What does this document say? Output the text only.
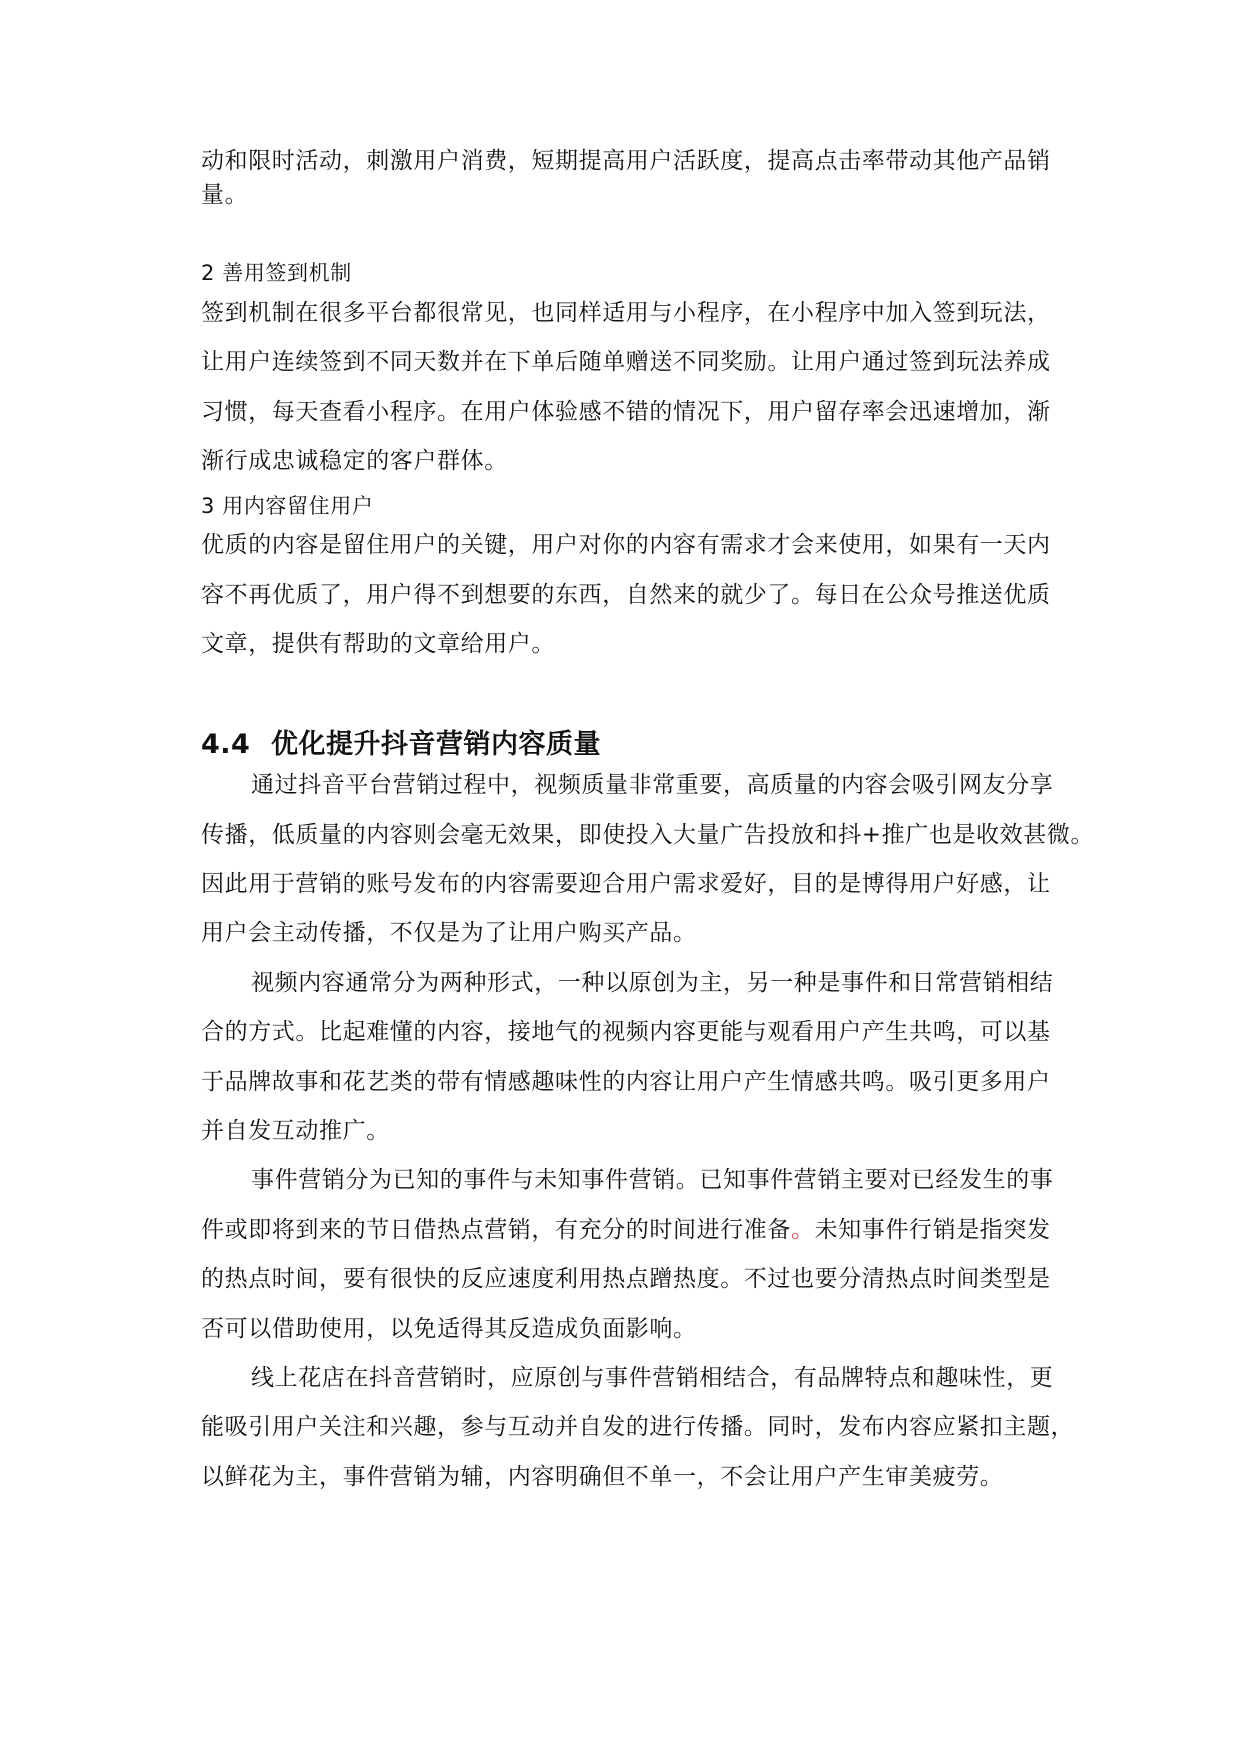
动和限时活动，刺激用户消费，短期提高用户活跃度，提高点击率带动其他产品销
量。
2 善用签到机制
签到机制在很多平台都很常见，也同样适用与小程序，在小程序中加入签到玩法，
让用户连续签到不同天数并在下单后随单赠送不同奖励。让用户通过签到玩法养成
习惯，每天查看小程序。在用户体验感不错的情况下，用户留存率会迅速增加，渐
渐行成忠诚稳定的客户群体。
3 用内容留住用户
优质的内容是留住用户的关键，用户对你的内容有需求才会来使用，如果有一天内
容不再优质了，用户得不到想要的东西，自然来的就少了。每日在公众号推送优质
文章，提供有帮助的文章给用户。
4.4 优化提升抖音营销内容质量
通过抖音平台营销过程中，视频质量非常重要，高质量的内容会吸引网友分享
传播，低质量的内容则会毫无效果，即使投入大量广告投放和抖+推广也是收效甚微。
因此用于营销的账号发布的内容需要迎合用户需求爱好，目的是博得用户好感，让
用户会主动传播，不仅是为了让用户购买产品。
视频内容通常分为两种形式，一种以原创为主，另一种是事件和日常营销相结
合的方式。比起难懂的内容，接地气的视频内容更能与观看用户产生共鸣，可以基
于品牌故事和花艺类的带有情感趣味性的内容让用户产生情感共鸣。吸引更多用户
并自发互动推广。
事件营销分为已知的事件与未知事件营销。已知事件营销主要对已经发生的事
件或即将到来的节日借热点营销，有充分的时间进行准备。未知事件行销是指突发
的热点时间，要有很快的反应速度利用热点蹭热度。不过也要分清热点时间类型是
否可以借助使用，以免适得其反造成负面影响。
线上花店在抖音营销时，应原创与事件营销相结合，有品牌特点和趣味性，更
能吸引用户关注和兴趣，参与互动并自发的进行传播。同时，发布内容应紧扣主题，
以鲜花为主，事件营销为辅，内容明确但不单一，不会让用户产生审美疲劳。
